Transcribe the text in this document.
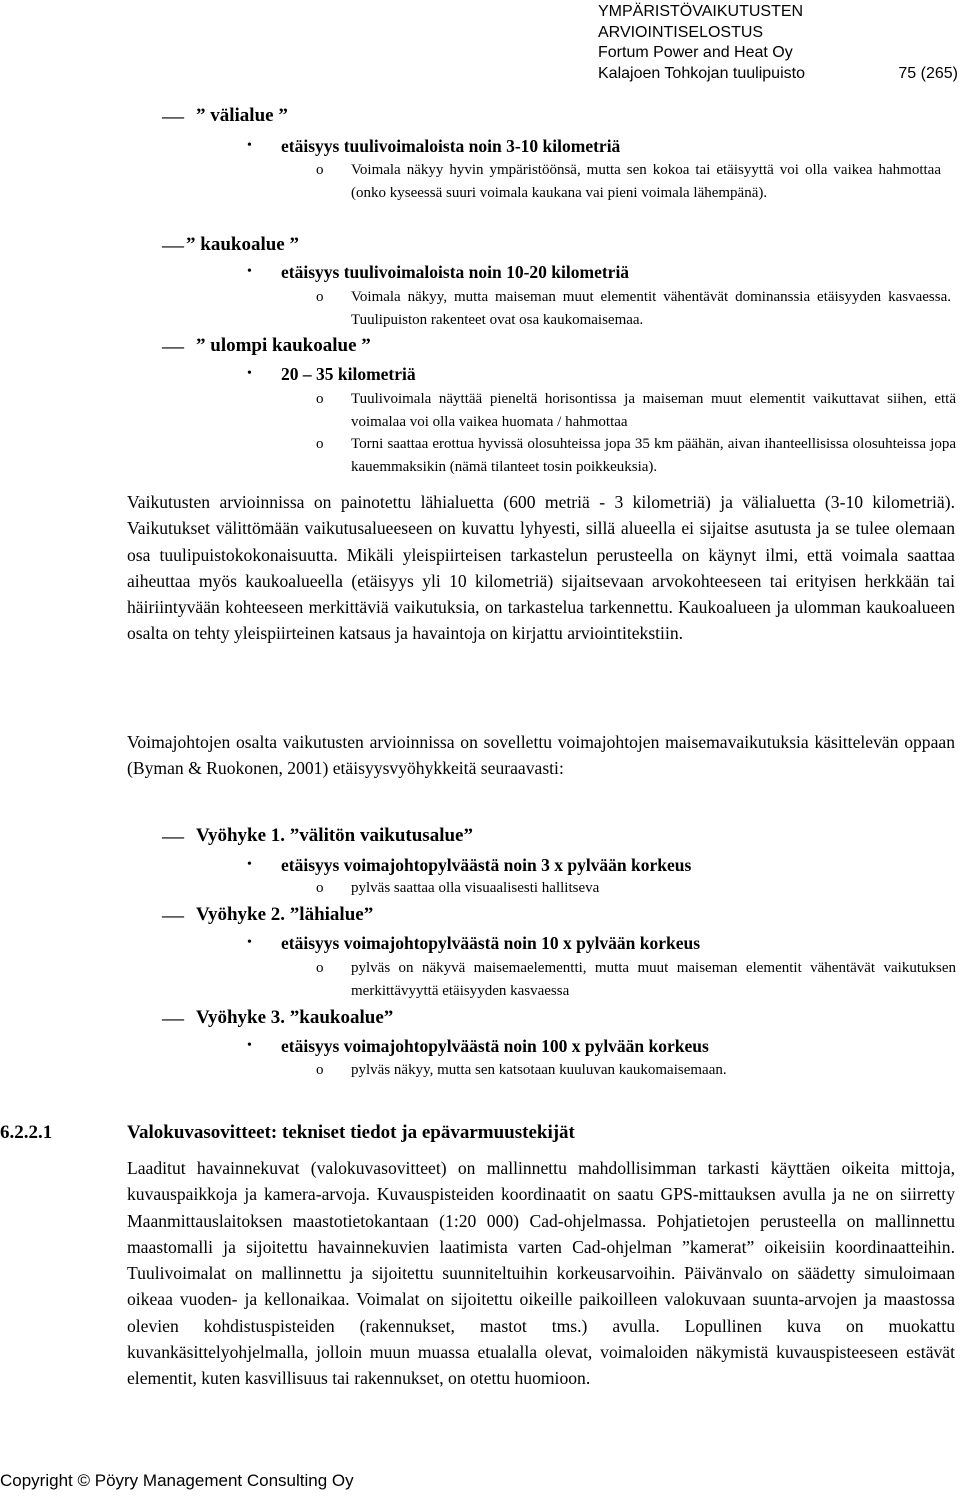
YMPÄRISTÖVAIKUTUSTEN
ARVIOINTISELOSTUS
Fortum Power and Heat Oy
Kalajoen Tohkojan tuulipuisto	75 (265)
— ” välialue ”
• etäisyys tuulivoimaloista noin 3-10 kilometriä
o Voimala näkyy hyvin ympäristöönsä, mutta sen kokoa tai etäisyyttä voi olla vaikea hahmottaa (onko kyseessä suuri voimala kaukana vai pieni voimala lähempänä).
— ” kaukoalue ”
• etäisyys tuulivoimaloista noin 10-20 kilometriä
o Voimala näkyy, mutta maiseman muut elementit vähentävät dominanssia etäisyyden kasvaessa. Tuulipuiston rakenteet ovat osa kaukomaisemaa.
— ” ulompi kaukoalue ”
• 20 – 35 kilometriä
o Tuulivoimala näyttää pieneltä horisontissa ja maiseman muut elementit vaikuttavat siihen, että voimalaa voi olla vaikea huomata / hahmottaa
o Torni saattaa erottua hyvissä olosuhteissa jopa 35 km päähän, aivan ihanteellisissa olosuhteissa jopa kauemmaksikin (nämä tilanteet tosin poikkeuksia).
Vaikutusten arvioinnissa on painotettu lähialuetta (600 metriä - 3 kilometriä) ja välialuetta (3-10 kilometriä). Vaikutukset välittömään vaikutusalueeseen on kuvattu lyhyesti, sillä alueella ei sijaitse asutusta ja se tulee olemaan osa tuulipuistokokonaisuutta. Mikäli yleispiirteisen tarkastelun perusteella on käynyt ilmi, että voimala saattaa aiheuttaa myös kaukoalueella (etäisyys yli 10 kilometriä) sijaitsevaan arvokohteeseen tai erityisen herkkään tai häiriintyvään kohteeseen merkittäviä vaikutuksia, on tarkastelua tarkennettu. Kaukoalueen ja ulomman kaukoalueen osalta on tehty yleispiirteinen katsaus ja havaintoja on kirjattu arviointitekstiin.
Voimajohtojen osalta vaikutusten arvioinnissa on sovellettu voimajohtojen maisemavaikutuksia käsittelevän oppaan (Byman & Ruokonen, 2001) etäisyysvyöhykkeitä seuraavasti:
— Vyöhyke 1. ”välitön vaikutusalue”
• etäisyys voimajohtopylväästä noin 3 x pylvään korkeus
o pylväs saattaa olla visuaalisesti hallitseva
— Vyöhyke 2. ”lähialue”
• etäisyys voimajohtopylväästä noin 10 x pylvään korkeus
o pylväs on näkyvä maisemaelementti, mutta muut maiseman elementit vähentävät vaikutuksen merkittävyyttä etäisyyden kasvaessa
— Vyöhyke 3. ”kaukoalue”
• etäisyys voimajohtopylväästä noin 100 x pylvään korkeus
o pylväs näkyy, mutta sen katsotaan kuuluvan kaukomaisemaan.
6.2.2.1	Valokuvasovitteet: tekniset tiedot ja epävarmuustekijät
Laaditut havainnekuvat (valokuvasovitteet) on mallinnettu mahdollisimman tarkasti käyttäen oikeita mittoja, kuvauspaikkoja ja kamera-arvoja. Kuvauspisteiden koordinaatit on saatu GPS-mittauksen avulla ja ne on siirretty Maanmittauslaitoksen maastotietokantaan (1:20 000) Cad-ohjelmassa. Pohjatietojen perusteella on mallinnettu maastomalli ja sijoitettu havainnekuvien laatimista varten Cad-ohjelman ”kamerat” oikeisiin koordinaatteihin. Tuulivoimalat on mallinnettu ja sijoitettu suunniteltuihin korkeusarvoihin. Päivänvalo on säädetty simuloimaan oikeaa vuoden- ja kellonaikaa. Voimalat on sijoitettu oikeille paikoilleen valokuvaan suunta-arvojen ja maastossa olevien kohdistuspisteiden (rakennukset, mastot tms.) avulla. Lopullinen kuva on muokattu kuvankäsittelyohjelmalla, jolloin muun muassa etualalla olevat, voimaloiden näkymistä kuvauspisteeseen estävät elementit, kuten kasvillisuus tai rakennukset, on otettu huomioon.
Copyright © Pöyry Management Consulting Oy
